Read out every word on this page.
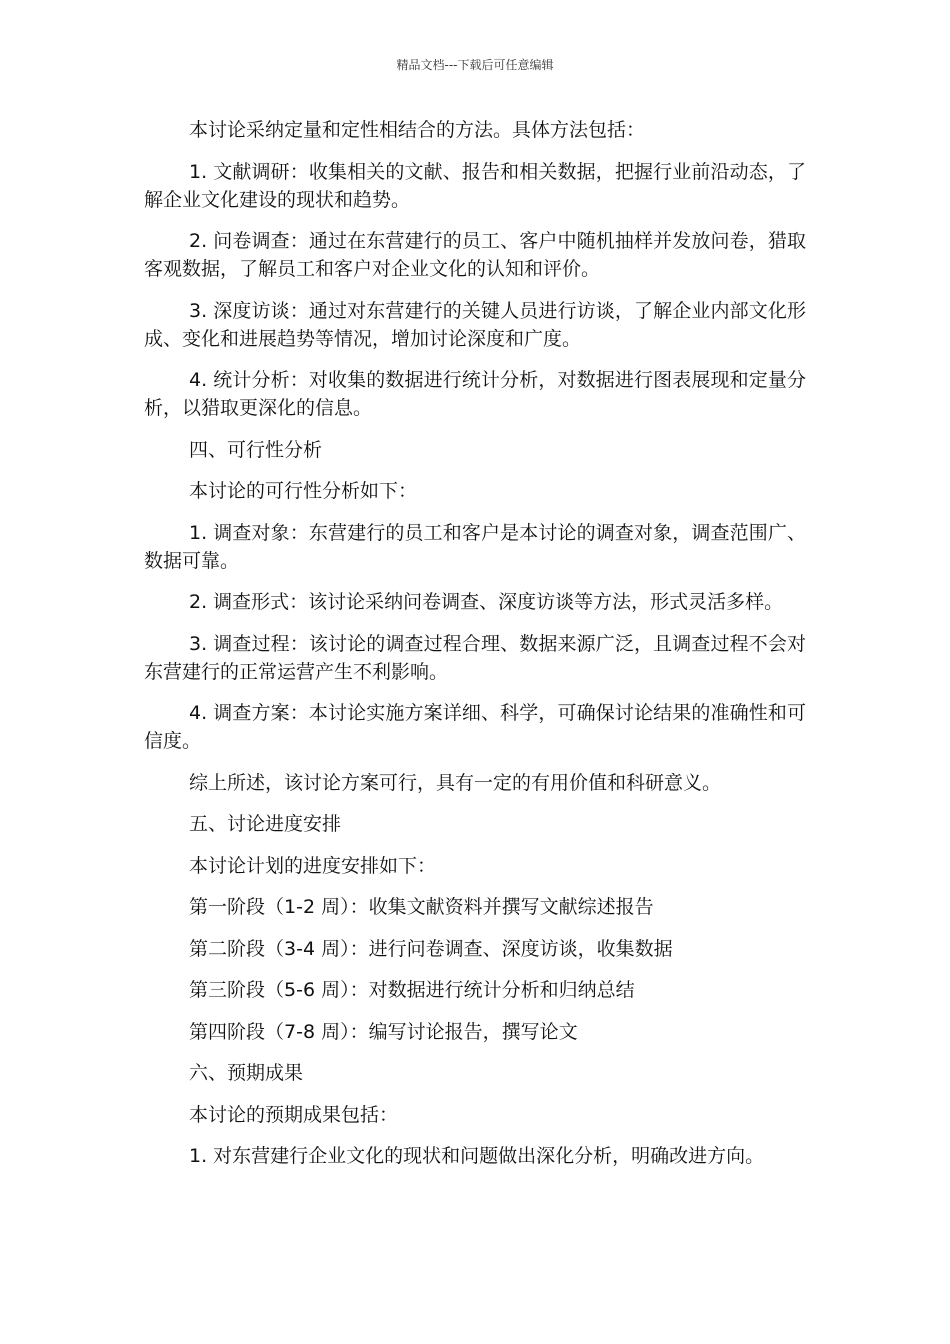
精品文档---下载后可任意编辑

本讨论采纳定量和定性相结合的方法。具体方法包括：

1. 文献调研：收集相关的文献、报告和相关数据，把握行业前沿动态，了解企业文化建设的现状和趋势。

2. 问卷调查：通过在东营建行的员工、客户中随机抽样并发放问卷，猎取客观数据，了解员工和客户对企业文化的认知和评价。

3. 深度访谈：通过对东营建行的关键人员进行访谈，了解企业内部文化形成、变化和进展趋势等情况，增加讨论深度和广度。

4. 统计分析：对收集的数据进行统计分析，对数据进行图表展现和定量分析，以猎取更深化的信息。

四、可行性分析

本讨论的可行性分析如下：

1. 调查对象：东营建行的员工和客户是本讨论的调查对象，调查范围广、数据可靠。

2. 调查形式：该讨论采纳问卷调查、深度访谈等方法，形式灵活多样。

3. 调查过程：该讨论的调查过程合理、数据来源广泛，且调查过程不会对东营建行的正常运营产生不利影响。

4. 调查方案：本讨论实施方案详细、科学，可确保讨论结果的准确性和可信度。

综上所述，该讨论方案可行，具有一定的有用价值和科研意义。

五、讨论进度安排

本讨论计划的进度安排如下：

第一阶段（1-2 周）：收集文献资料并撰写文献综述报告

第二阶段（3-4 周）：进行问卷调查、深度访谈，收集数据

第三阶段（5-6 周）：对数据进行统计分析和归纳总结

第四阶段（7-8 周）：编写讨论报告，撰写论文

六、预期成果

本讨论的预期成果包括：

1. 对东营建行企业文化的现状和问题做出深化分析，明确改进方向。
